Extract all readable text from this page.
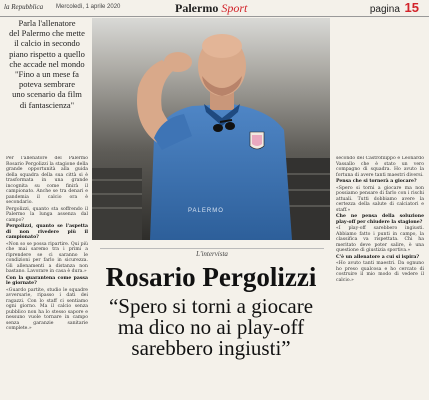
la Repubblica Mercoledì, 1 aprile 2020	Palermo Sport	pagina 15

Parla l'allenatore

del Palermo che mette

il calcio in secondo

piano rispetto a quello

che accade nel mondo

"Fino a un mese fa

poteva sembrare

uno scenario da film

di fantascienza"

PALERMO

Per l'allenatore del Palermo Rosario Pergolizzi la stagione della grande opportunità alla guida della squadra della sua città si è trasformata in una grande incognita su come finirà il campionato. Anche se tra denari e pandemia il calcio ora è secondario.

Pergolizzi, quanto sta soffrendo il Palermo la lunga assenza dal campo?

Pergolizzi, quanto se l'aspetta di non rivedere più il campionato?

«Non so se possa ripartire. Qui più che mai saremo tra i primi a riprendere se ci saranno le condizioni per farlo in sicurezza. Gli allenamenti a distanza non bastano. Lavorare in casa è dura.»

Con la quarantena come passa le giornate?

«Guardo partite, studio le squadre avversarie, ripasso i dati dei ragazzi. Con lo staff ci sentiamo ogni giorno. Ma il calcio senza pubblico non ha lo stesso sapore e nessuno vuole tornare in campo senza garanzie sanitarie complete.»

secondo del Castrofilippo e Leonardo Vassallo che è stato un vero compagno di squadra. Ho avuto la fortuna di avere tanti maestri diversi.

Pensa che si tornerà a giocare?

«Spero si torni a giocare ma non possiamo pensare di farlo con i rischi attuali. Tutti dobbiamo avere la certezza della salute di calciatori e staff.»

Che ne pensa della soluzione play-off per chiudere la stagione?

«I play-off sarebbero ingiusti. Abbiamo fatto i punti in campo, la classifica va rispettata. Chi ha meritato deve poter salire, è una questione di giustizia sportiva.»

C'è un allenatore a cui si ispira?

«Ho avuto tanti maestri. Da ognuno ho preso qualcosa e ho cercato di costruire il mio modo di vedere il calcio.»

L'intervista
Rosario Pergolizzi
“Spero si torni a giocare
ma dico no ai play-off
sarebbero ingiusti”
